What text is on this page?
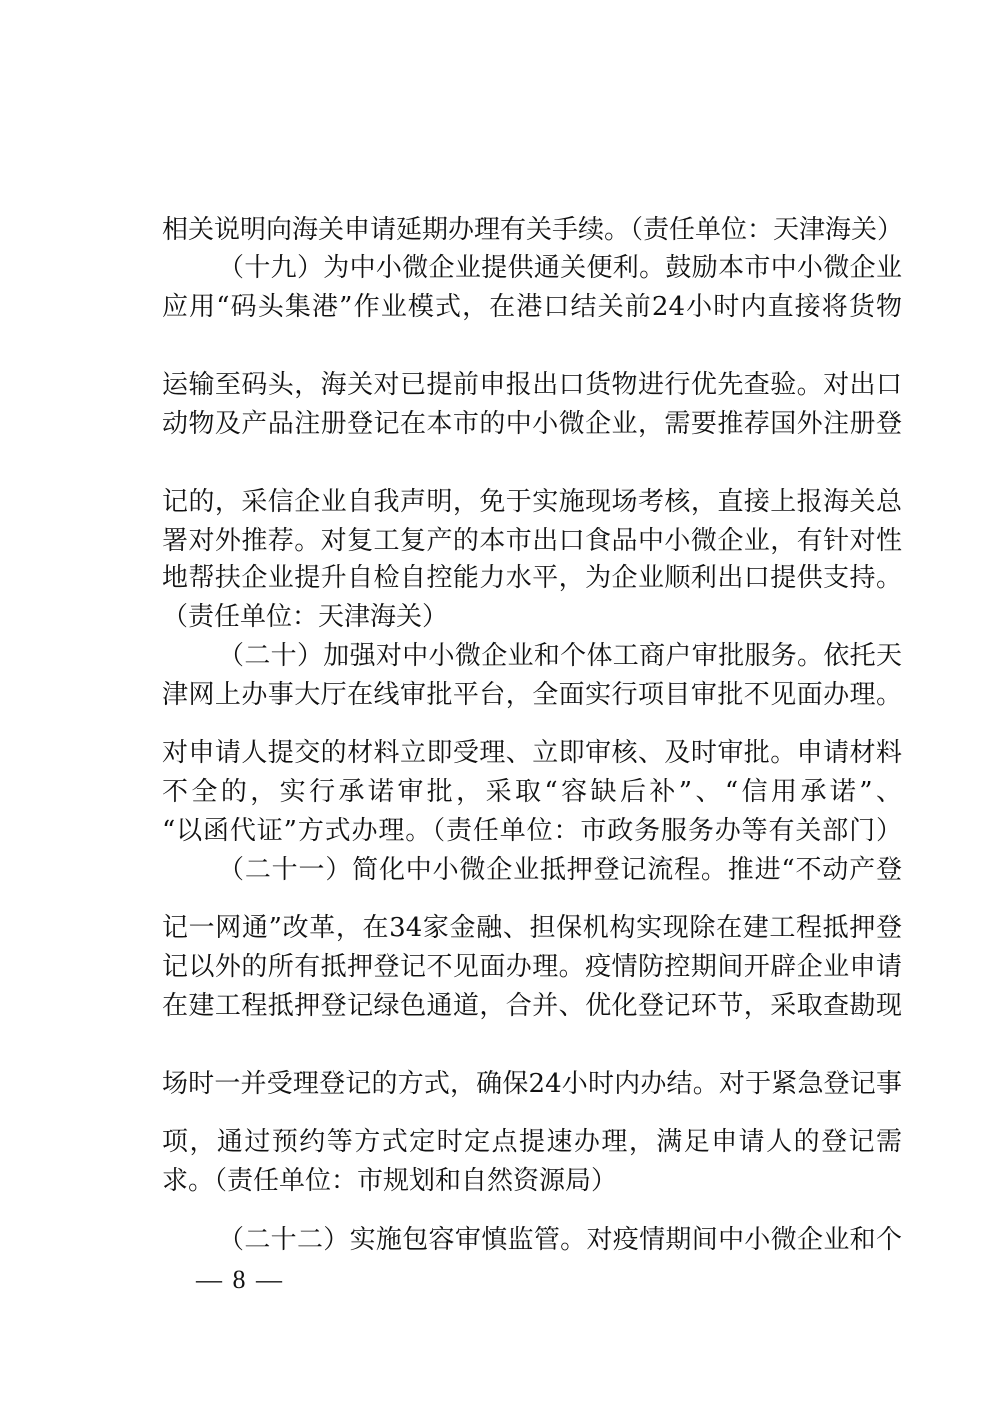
相关说明向海关申请延期办理有关手续。（责任单位：天津海关）
（十九）为中小微企业提供通关便利。鼓励本市中小微企业
应用“码头集港”作业模式，在港口结关前24小时内直接将货物
运输至码头，海关对已提前申报出口货物进行优先查验。对出口
动物及产品注册登记在本市的中小微企业，需要推荐国外注册登
记的，采信企业自我声明，免于实施现场考核，直接上报海关总
署对外推荐。对复工复产的本市出口食品中小微企业，有针对性
地帮扶企业提升自检自控能力水平，为企业顺利出口提供支持。
（责任单位：天津海关）
（二十）加强对中小微企业和个体工商户审批服务。依托天
津网上办事大厅在线审批平台，全面实行项目审批不见面办理。
对申请人提交的材料立即受理、立即审核、及时审批。申请材料
不全的，实行承诺审批，采取“容缺后补”、“信用承诺”、
“以函代证”方式办理。（责任单位：市政务服务办等有关部门）
（二十一）简化中小微企业抵押登记流程。推进“不动产登
记一网通”改革，在34家金融、担保机构实现除在建工程抵押登
记以外的所有抵押登记不见面办理。疫情防控期间开辟企业申请
在建工程抵押登记绿色通道，合并、优化登记环节，采取查勘现
场时一并受理登记的方式，确保24小时内办结。对于紧急登记事
项，通过预约等方式定时定点提速办理，满足申请人的登记需
求。（责任单位：市规划和自然资源局）
（二十二）实施包容审慎监管。对疫情期间中小微企业和个
— 8 —
